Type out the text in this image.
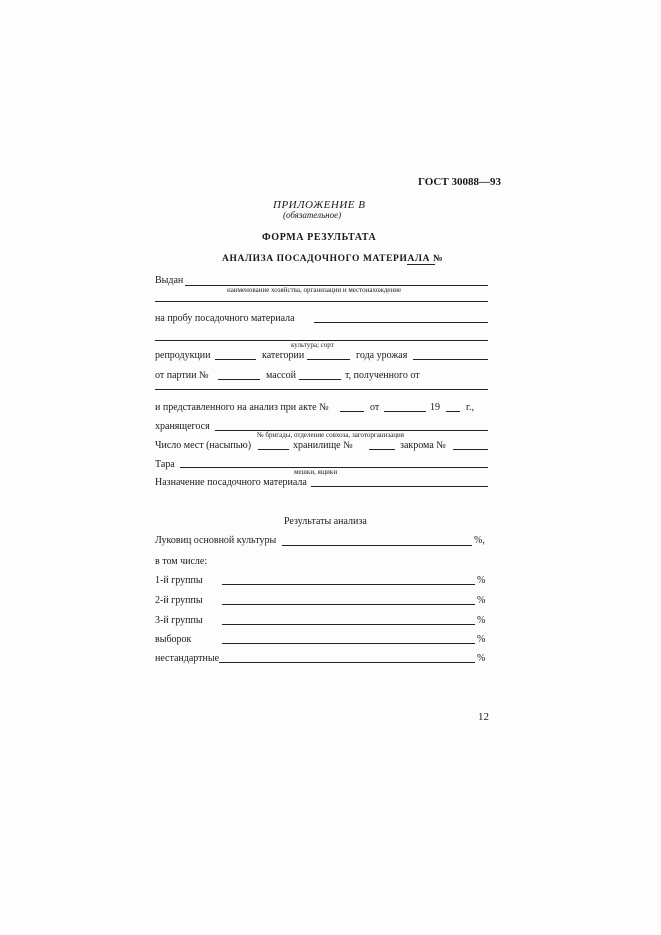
ГОСТ 30088—93
ПРИЛОЖЕНИЕ В
(обязательное)
ФОРМА РЕЗУЛЬТАТА
АНАЛИЗА ПОСАДОЧНОГО МАТЕРИАЛА №
Выдан
наименование хозяйства, организации и местонахождение
на пробу посадочного материала
культура; сорт
репродукции	категории	года урожая
от партии №	массой	т, полученного от
и представленного на анализ при акте №	от	19	г.,
хранящегося
№ бригады, отделение совхоза, заготорганизация
Число мест (насыпью)	хранилище №	закрома №
Тара
мешки, ящики
Назначение посадочного материала
Результаты анализа
Луковиц основной культуры	%,
в том числе:
1-й группы	%
2-й группы	%
3-й группы	%
выборок	%
нестандартные	%
12
